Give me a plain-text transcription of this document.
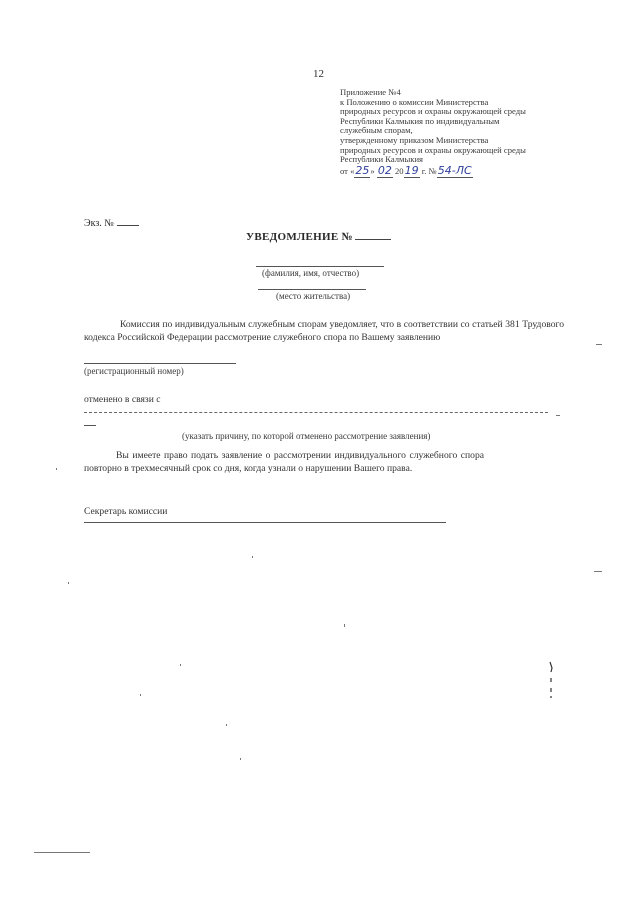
12
Приложение №4
к Положению о комиссии Министерства
природных ресурсов и охраны окружающей среды
Республики Калмыкия по индивидуальным
служебным спорам,
утвержденному приказом Министерства
природных ресурсов и охраны окружающей среды
Республики Калмыкия
от «25» 02 2019 г. №54-ЛС
Экз. №
УВЕДОМЛЕНИЕ №
(фамилия, имя, отчество)
(место жительства)
Комиссия по индивидуальным служебным спорам уведомляет, что в соответствии со статьей 381 Трудового кодекса Российской Федерации рассмотрение служебного спора по Вашему заявлению
(регистрационный номер)
отменено в связи с
(указать причину, по которой отменено рассмотрение заявления)
Вы имеете право подать заявление о рассмотрении индивидуального служебного спора повторно в трехмесячный срок со дня, когда узнали о нарушении Вашего права.
Секретарь комиссии
